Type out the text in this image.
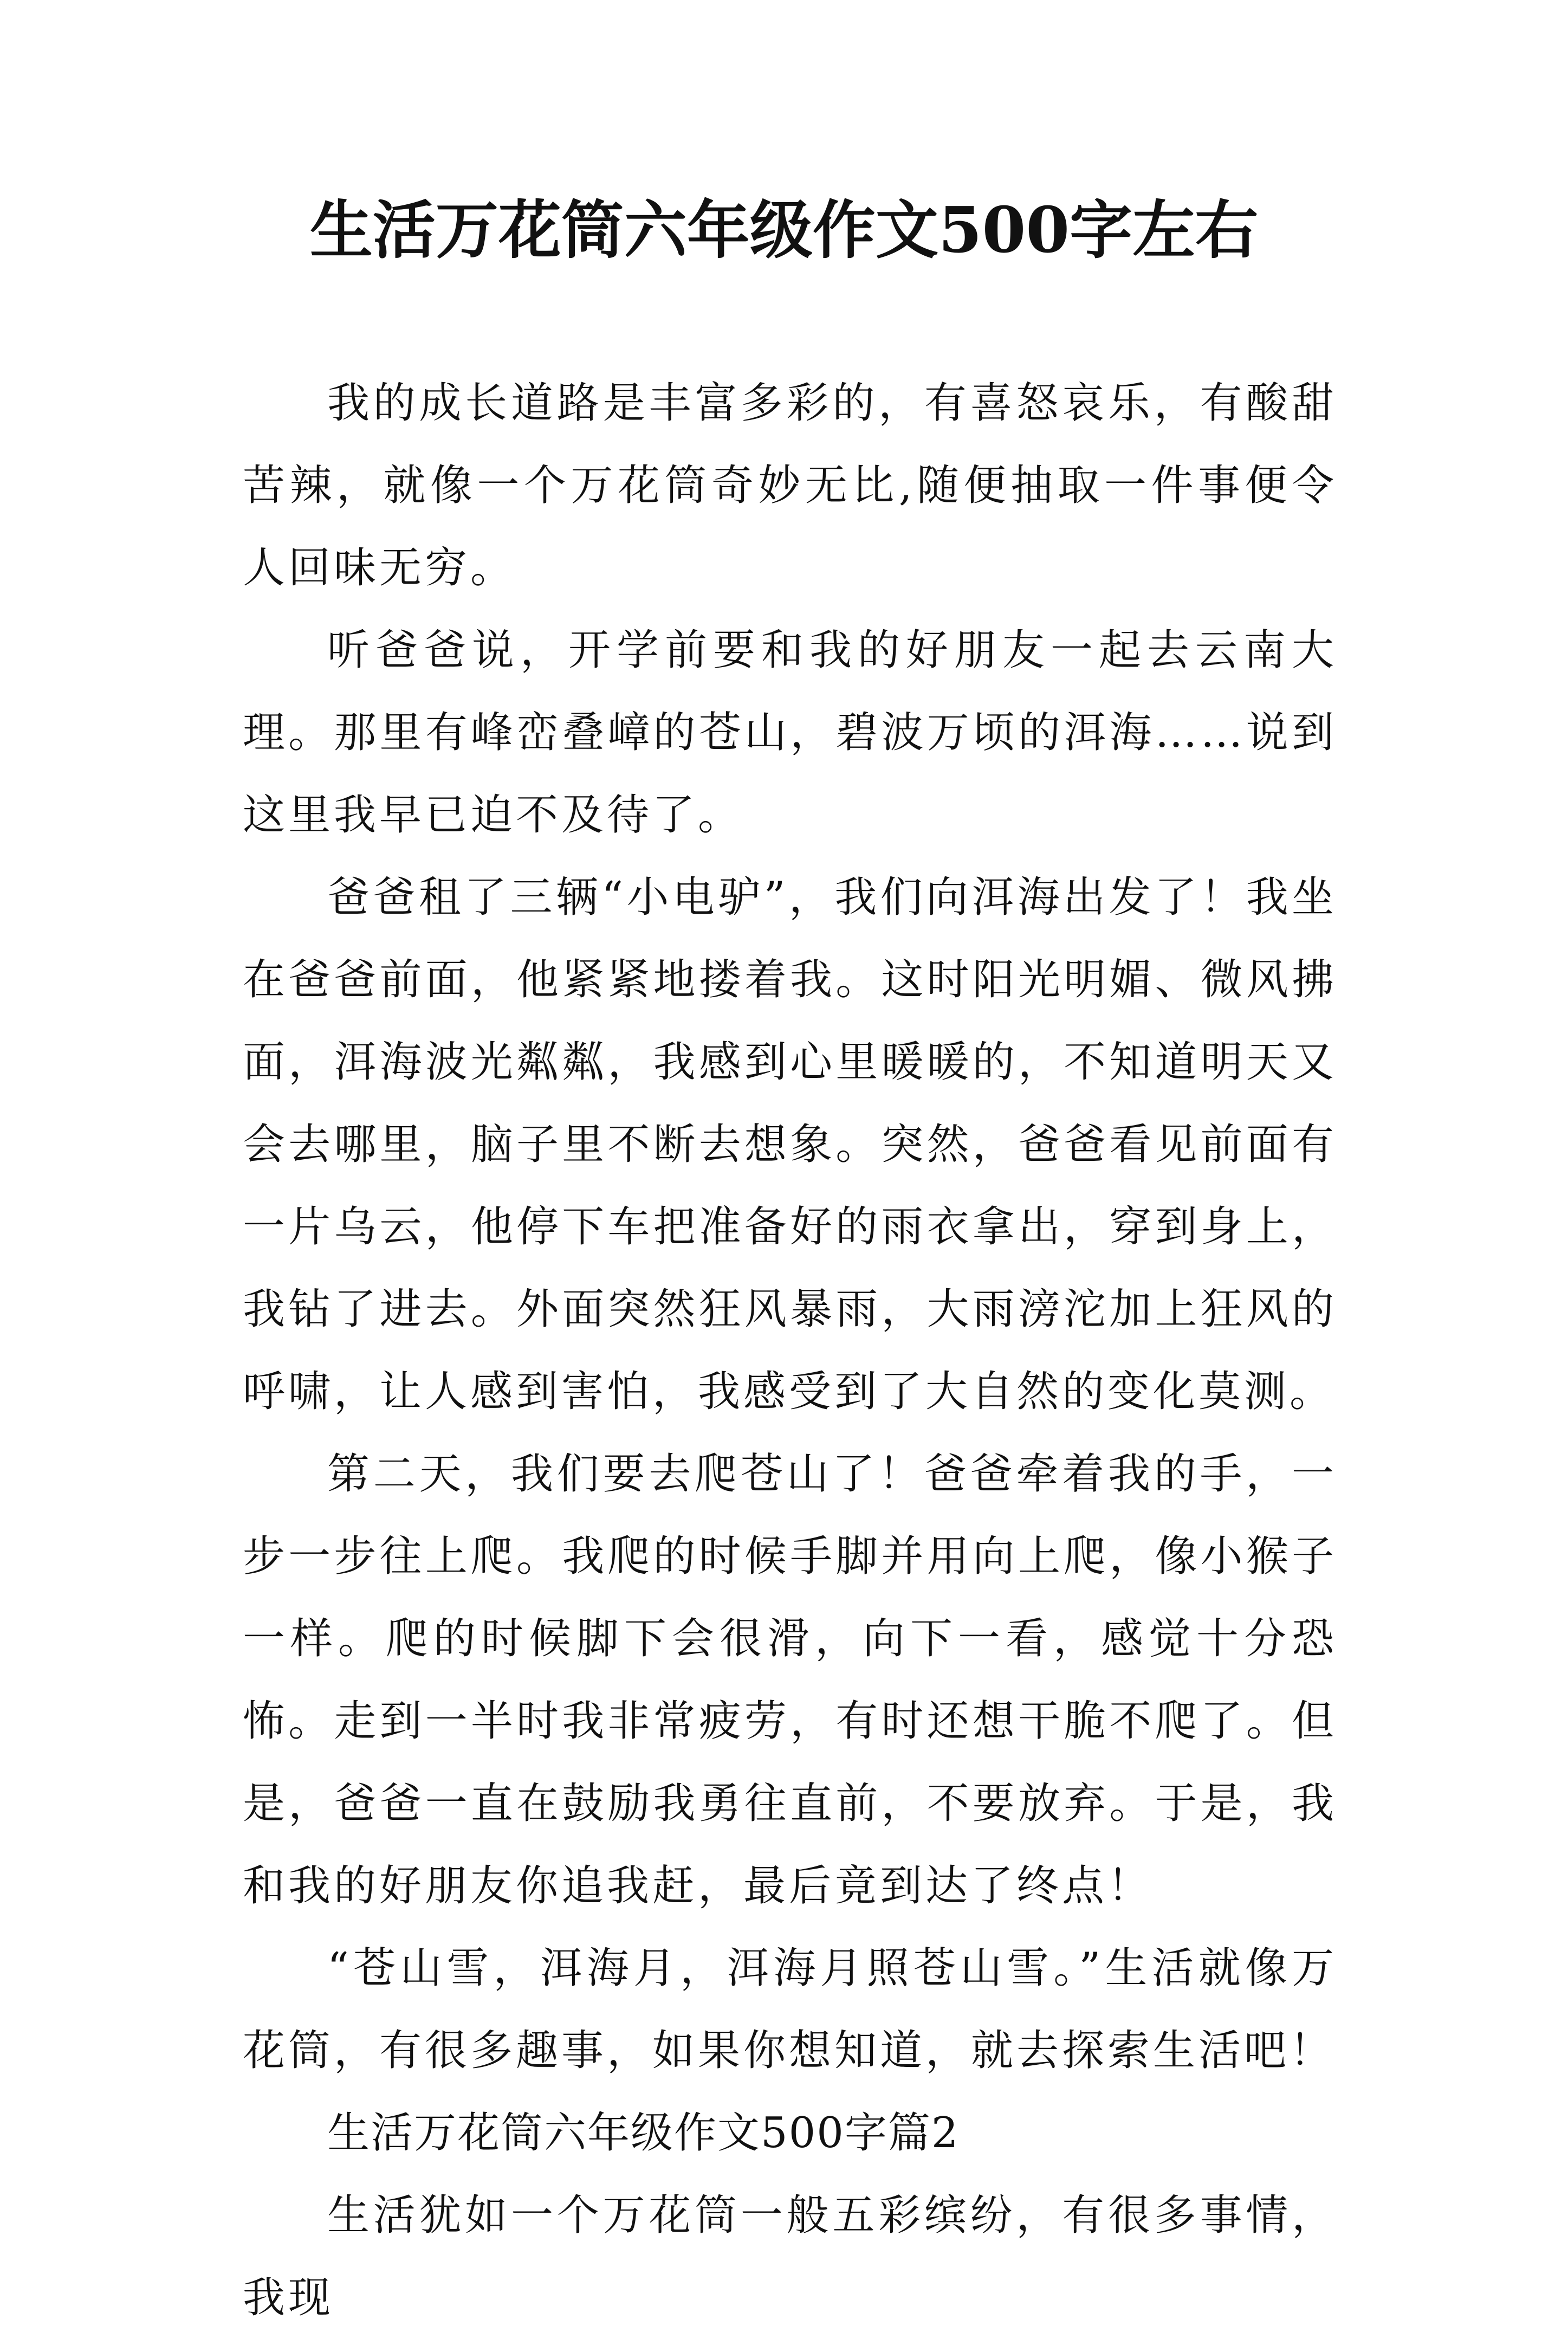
生活万花筒六年级作文500字左右

我的成长道路是丰富多彩的，有喜怒哀乐，有酸甜苦辣，就像一个万花筒奇妙无比,随便抽取一件事便令人回味无穷。

听爸爸说，开学前要和我的好朋友一起去云南大理。那里有峰峦叠嶂的苍山，碧波万顷的洱海……说到这里我早已迫不及待了。

爸爸租了三辆“小电驴”，我们向洱海出发了！我坐在爸爸前面，他紧紧地搂着我。这时阳光明媚、微风拂面，洱海波光粼粼，我感到心里暖暖的，不知道明天又会去哪里，脑子里不断去想象。突然，爸爸看见前面有一片乌云，他停下车把准备好的雨衣拿出，穿到身上，我钻了进去。外面突然狂风暴雨，大雨滂沱加上狂风的呼啸，让人感到害怕，我感受到了大自然的变化莫测。

第二天，我们要去爬苍山了！爸爸牵着我的手，一步一步往上爬。我爬的时候手脚并用向上爬，像小猴子一样。爬的时候脚下会很滑，向下一看，感觉十分恐怖。走到一半时我非常疲劳，有时还想干脆不爬了。但是，爸爸一直在鼓励我勇往直前，不要放弃。于是，我和我的好朋友你追我赶，最后竟到达了终点！

“苍山雪，洱海月，洱海月照苍山雪。”生活就像万花筒，有很多趣事，如果你想知道，就去探索生活吧！

生活万花筒六年级作文500字篇2

生活犹如一个万花筒一般五彩缤纷，有很多事情，我现
